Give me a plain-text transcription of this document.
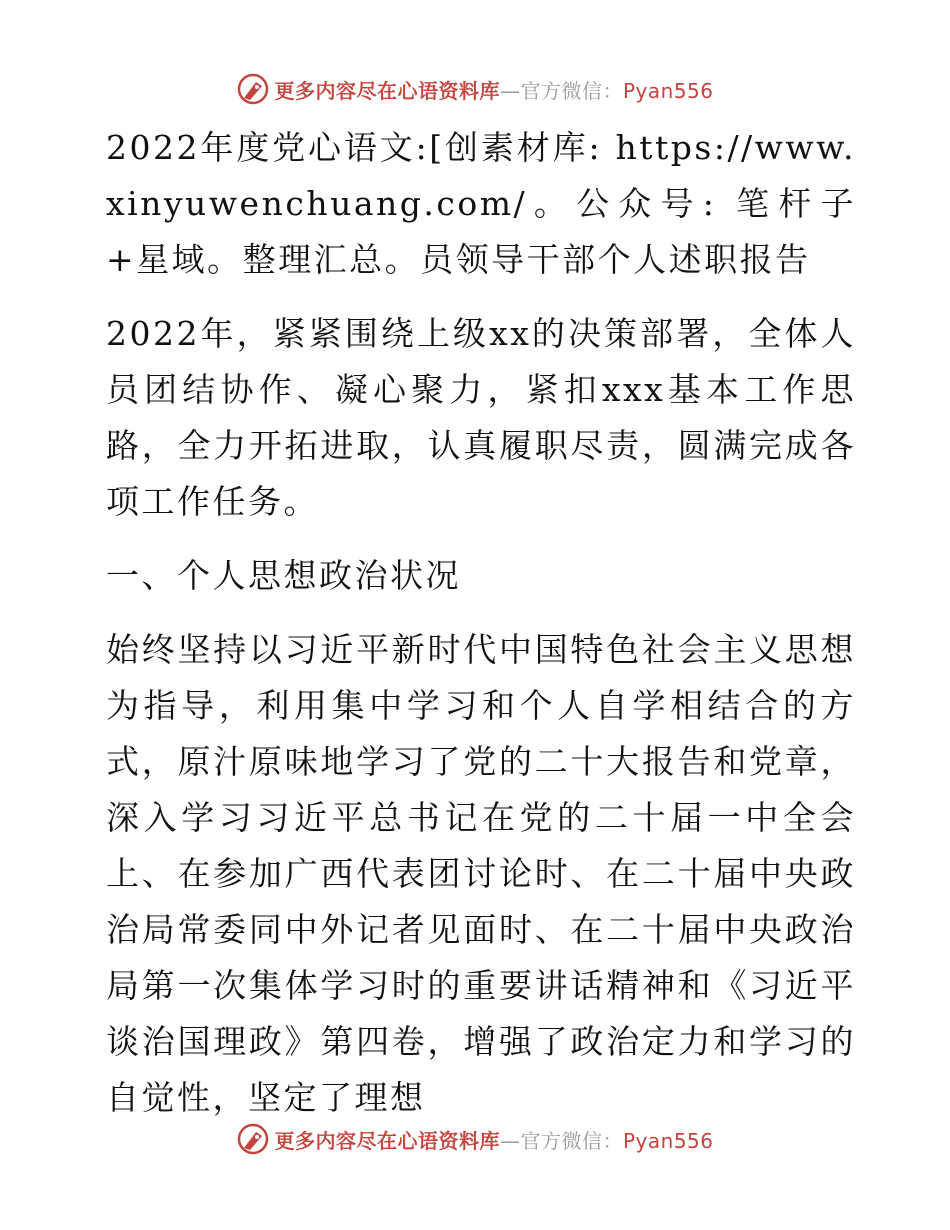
更多内容尽在心语资料库—官方微信：Pyan556

2022年度党心语文:[创素材库: https://www.xinyuwenchuang.com/。公众号: 笔杆子+星域。整理汇总。员领导干部个人述职报告

2022年，紧紧围绕上级xx的决策部署，全体人员团结协作、凝心聚力，紧扣xxx基本工作思路，全力开拓进取，认真履职尽责，圆满完成各项工作任务。

一、个人思想政治状况

始终坚持以习近平新时代中国特色社会主义思想为指导，利用集中学习和个人自学相结合的方式，原汁原味地学习了党的二十大报告和党章，深入学习习近平总书记在党的二十届一中全会上、在参加广西代表团讨论时、在二十届中央政治局常委同中外记者见面时、在二十届中央政治局第一次集体学习时的重要讲话精神和《习近平谈治国理政》第四卷，增强了政治定力和学习的自觉性，坚定了理想

更多内容尽在心语资料库—官方微信：Pyan556
